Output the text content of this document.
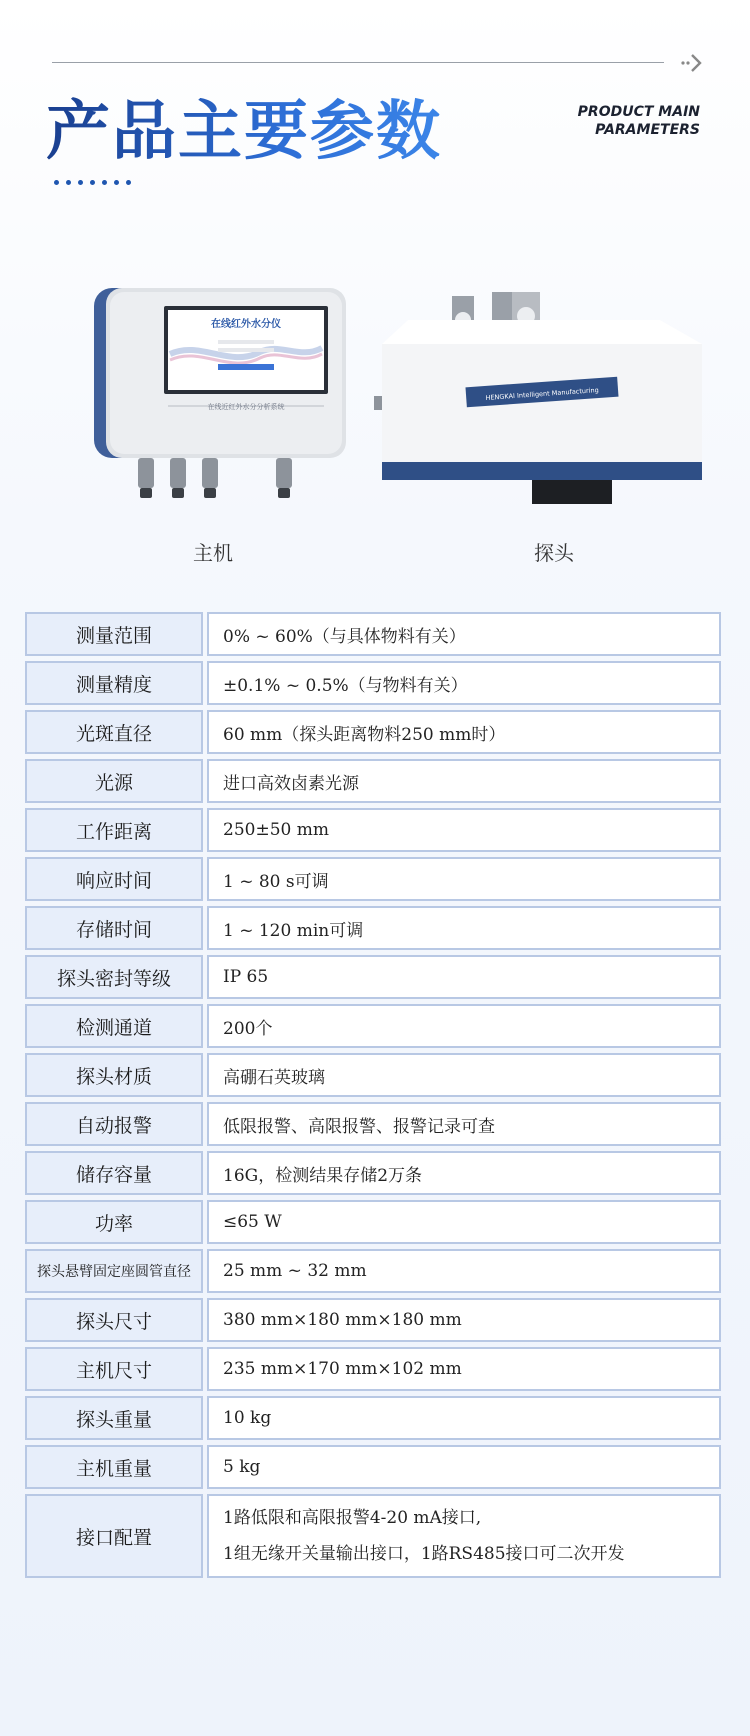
产品主要参数	PRODUCT MAIN
PARAMETERS
在线红外水分仪
在线近红外水分分析系统
主机
HENGKAI Intelligent Manufacturing
探头
测量范围		0% ~ 60%（与具体物料有关）
测量精度		±0.1% ~ 0.5%（与物料有关）
光斑直径		60 mm（探头距离物料250 mm时）
光源		进口高效卤素光源
工作距离		250±50 mm
响应时间		1 ~ 80 s可调
存储时间		1 ~ 120 min可调
探头密封等级		IP 65
检测通道		200个
探头材质		高硼石英玻璃
自动报警		低限报警、高限报警、报警记录可查
储存容量		16G，检测结果存储2万条
功率		≤65 W
探头悬臂固定座圆管直径		25 mm ~ 32 mm
探头尺寸		380 mm×180 mm×180 mm
主机尺寸		235 mm×170 mm×102 mm
探头重量		10 kg
主机重量		5 kg
接口配置		1路低限和高限报警4-20 mA接口,
1组无缘开关量输出接口，1路RS485接口可二次开发
